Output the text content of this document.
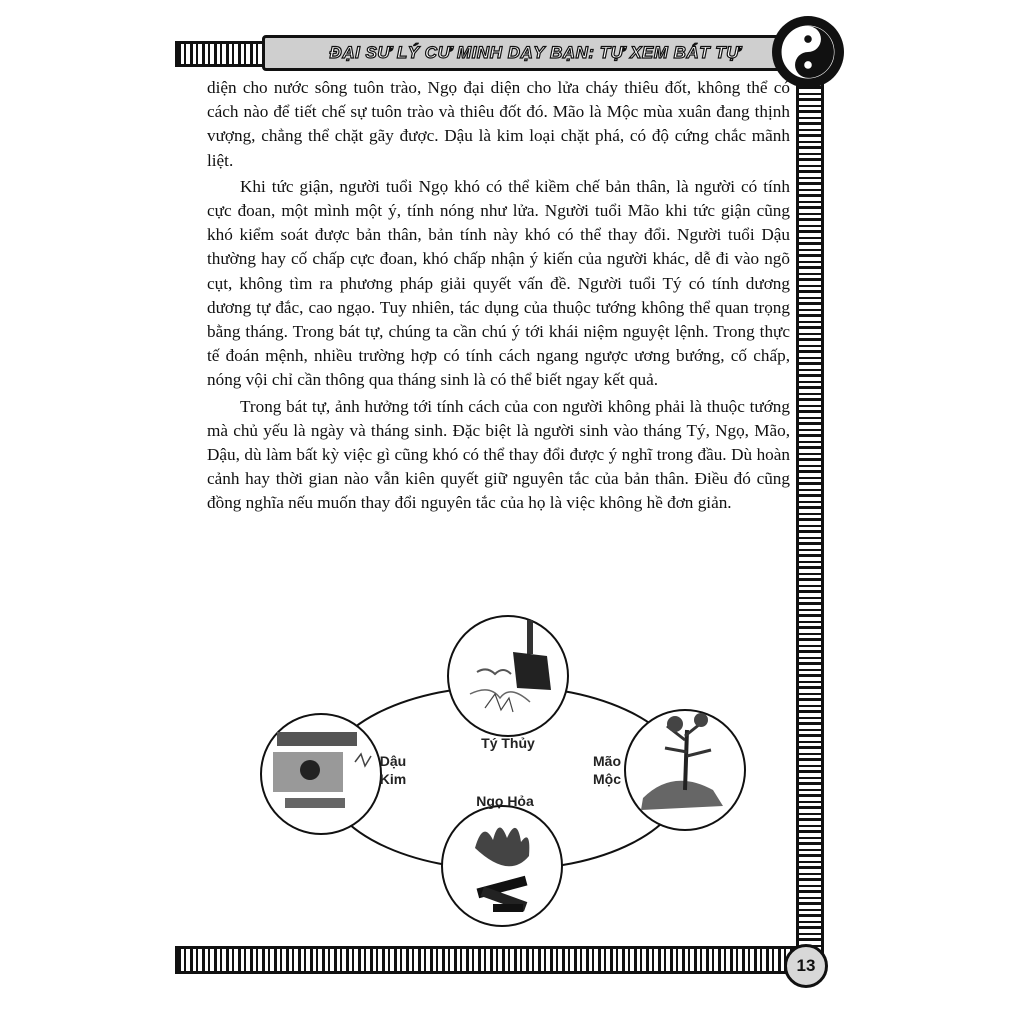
ĐẠI SƯ LÝ CƯ MINH DẠY BẠN: TỰ XEM BÁT TỰ

diện cho nước sông tuôn trào, Ngọ đại diện cho lửa cháy thiêu đốt, không thể có cách nào để tiết chế sự tuôn trào và thiêu đốt đó. Mão là Mộc mùa xuân đang thịnh vượng, chẳng thể chặt gãy được. Dậu là kim loại chặt phá, có độ cứng chắc mãnh liệt.

Khi tức giận, người tuổi Ngọ khó có thể kiềm chế bản thân, là người có tính cực đoan, một mình một ý, tính nóng như lửa. Người tuổi Mão khi tức giận cũng khó kiểm soát được bản thân, bản tính này khó có thể thay đổi. Người tuổi Dậu thường hay cố chấp cực đoan, khó chấp nhận ý kiến của người khác, dễ đi vào ngõ cụt, không tìm ra phương pháp giải quyết vấn đề. Người tuổi Tý có tính dương dương tự đắc, cao ngạo. Tuy nhiên, tác dụng của thuộc tướng không thể quan trọng bằng tháng. Trong bát tự, chúng ta cần chú ý tới khái niệm nguyệt lệnh. Trong thực tế đoán mệnh, nhiều trường hợp có tính cách ngang ngược ương bướng, cố chấp, nóng vội chỉ cần thông qua tháng sinh là có thể biết ngay kết quả.

Trong bát tự, ảnh hưởng tới tính cách của con người không phải là thuộc tướng mà chủ yếu là ngày và tháng sinh. Đặc biệt là người sinh vào tháng Tý, Ngọ, Mão, Dậu, dù làm bất kỳ việc gì cũng khó có thể thay đổi được ý nghĩ trong đầu. Dù hoàn cảnh hay thời gian nào vẫn kiên quyết giữ nguyên tắc của bản thân. Điều đó cũng đồng nghĩa nếu muốn thay đổi nguyên tắc của họ là việc không hề đơn giản.

Tý Thủy
Ngọ Hỏa
Dậu
Kim
Mão
Mộc
13
